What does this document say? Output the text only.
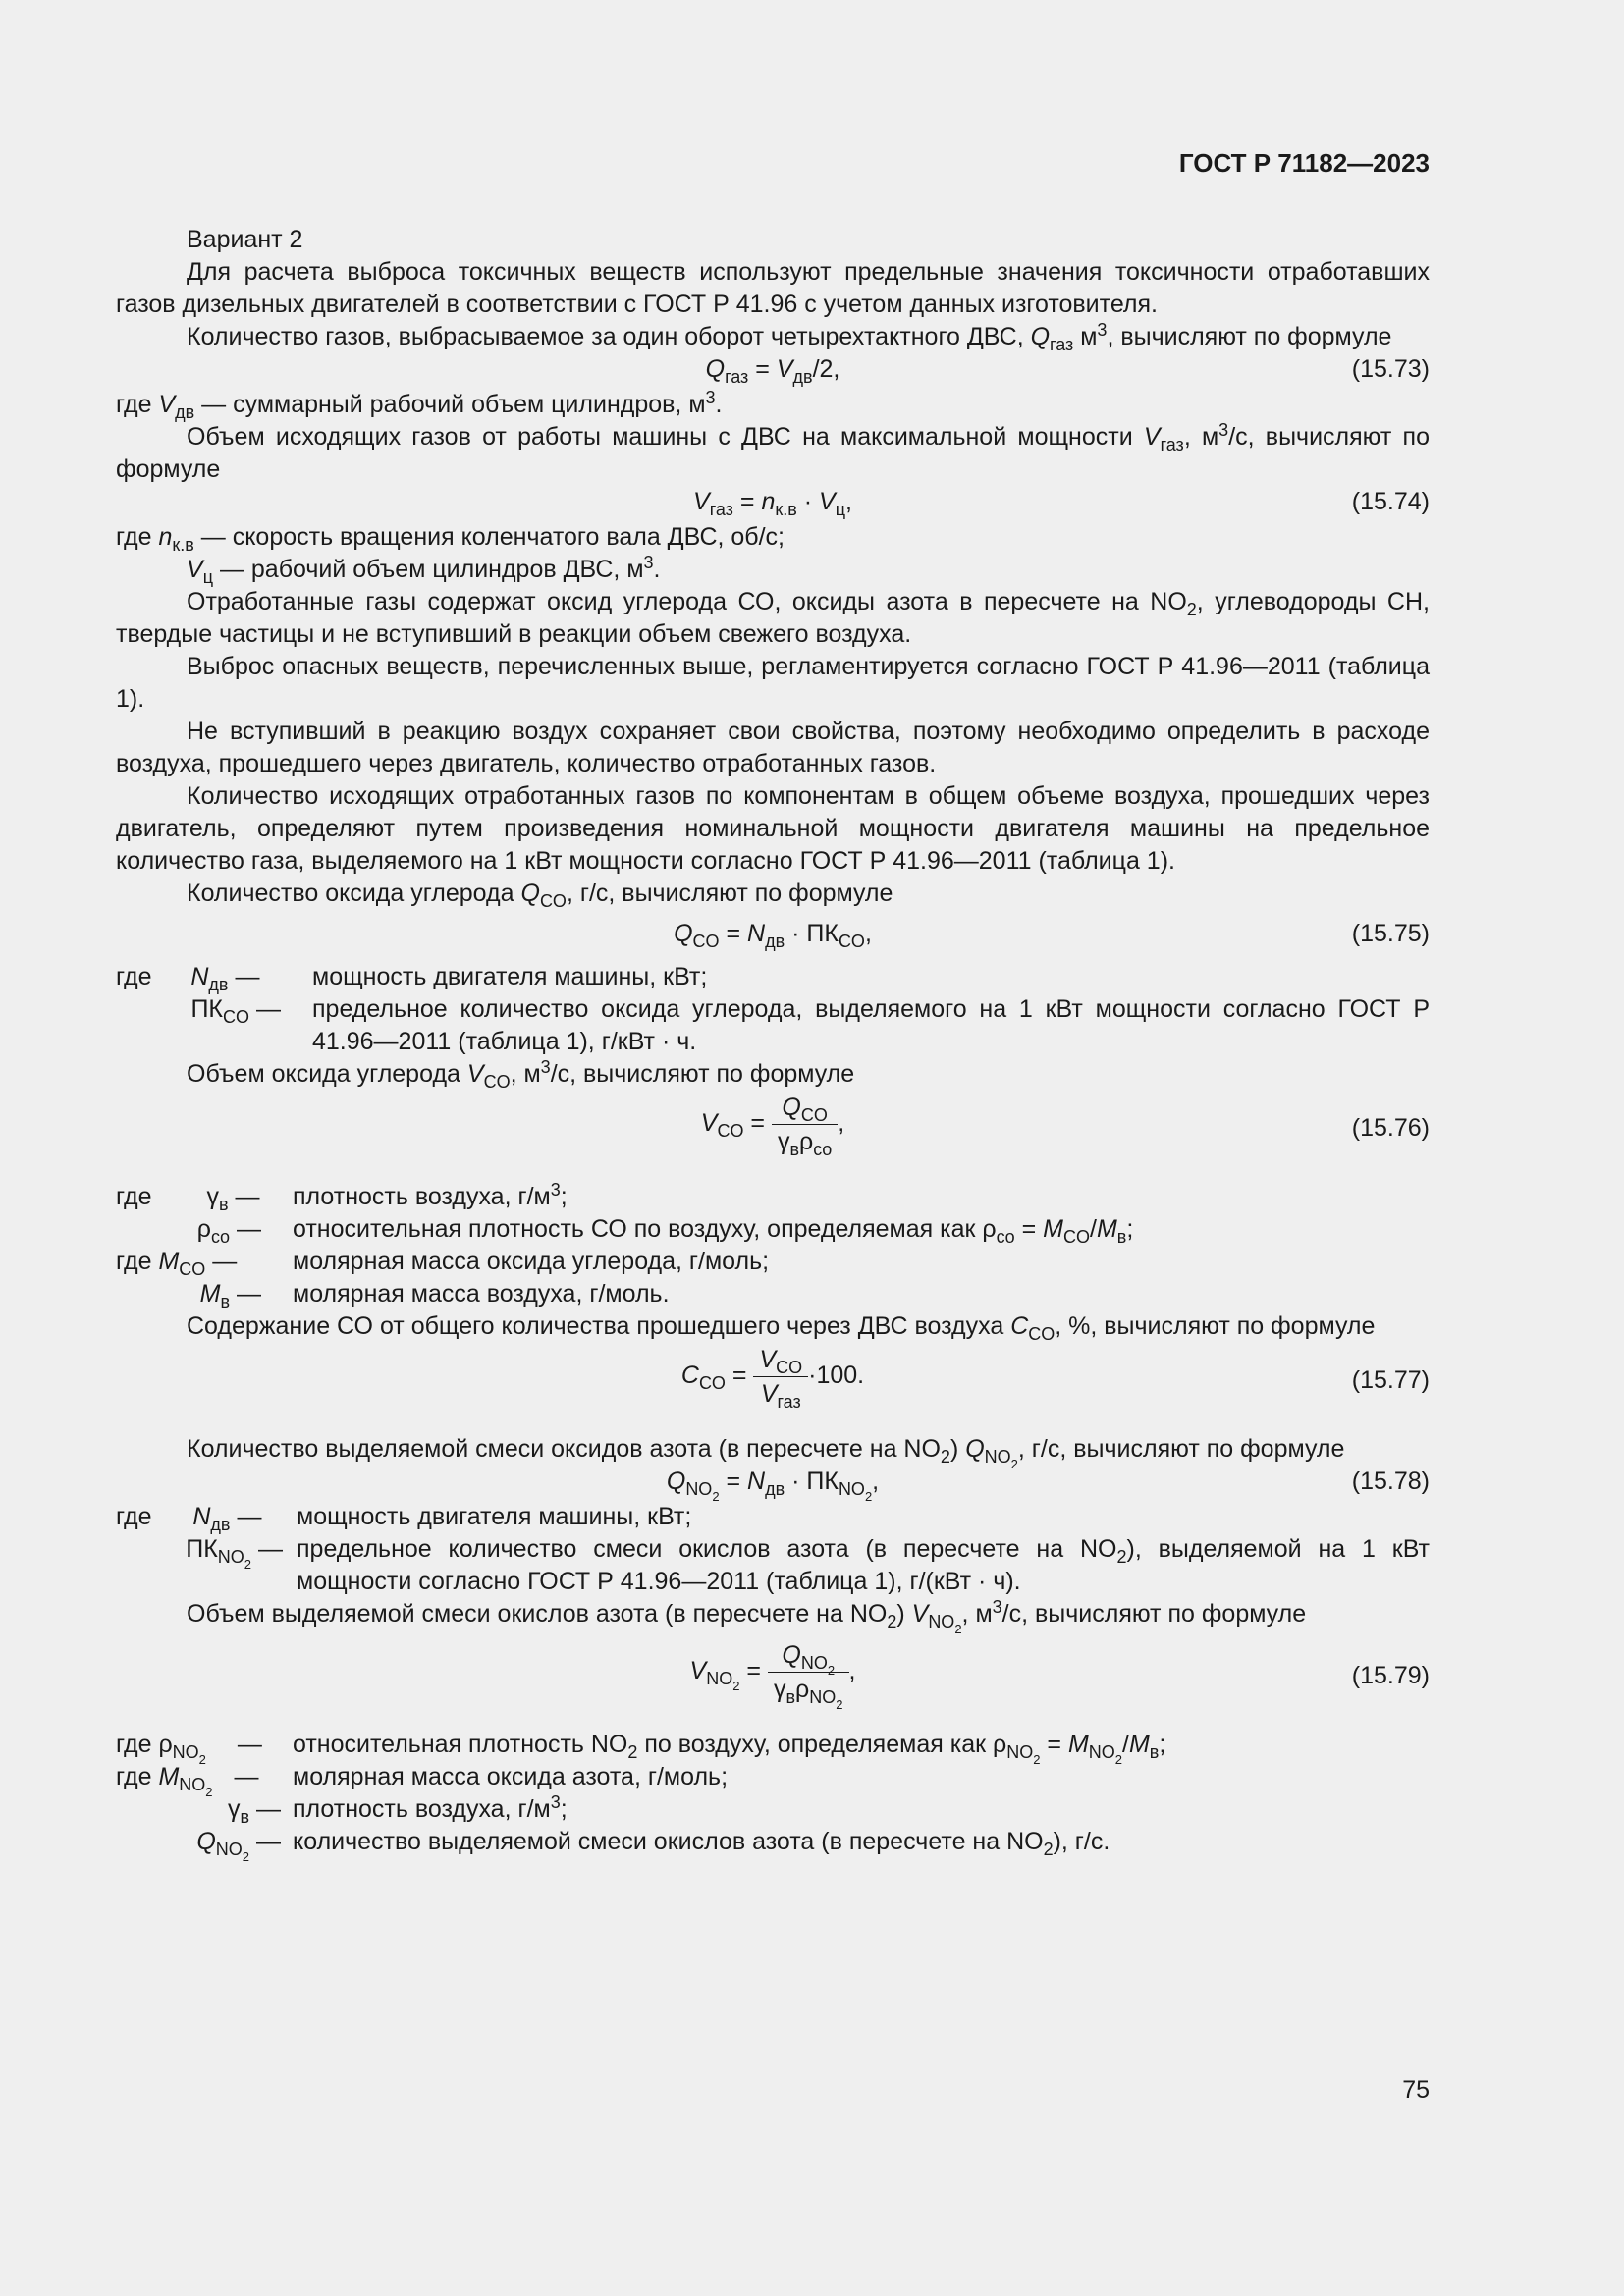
ГОСТ Р 71182—2023

Вариант 2

Для расчета выброса токсичных веществ используют предельные значения токсичности отработавших газов дизельных двигателей в соответствии с ГОСТ Р 41.96 с учетом данных изготовителя.

Количество газов, выбрасываемое за один оборот четырехтактного ДВС, $Q_{газ}$ $м^3$, вычисляют по формуле

$Q_{газ} = V_{дв}/2$,	(15.73)

где $V_{дв}$ — суммарный рабочий объем цилиндров, $м^3$.

Объем исходящих газов от работы машины с ДВС на максимальной мощности $V_{газ}$, $м^3/с$, вычисляют по формуле

$V_{газ} = n_{к.в} \cdot V_ц$,	(15.74)

где $n_{к.в}$ — скорость вращения коленчатого вала ДВС, об/с;

$V_ц$ — рабочий объем цилиндров ДВС, $м^3$.

Отработанные газы содержат оксид углерода СО, оксиды азота в пересчете на $NO_2$, углеводороды СН, твердые частицы и не вступивший в реакции объем свежего воздуха.

Выброс опасных веществ, перечисленных выше, регламентируется согласно ГОСТ Р 41.96—2011 (таблица 1).

Не вступивший в реакцию воздух сохраняет свои свойства, поэтому необходимо определить в расходе воздуха, прошедшего через двигатель, количество отработанных газов.

Количество исходящих отработанных газов по компонентам в общем объеме воздуха, прошедших через двигатель, определяют путем произведения номинальной мощности двигателя машины на предельное количество газа, выделяемого на 1 кВт мощности согласно ГОСТ Р 41.96—2011 (таблица 1).

Количество оксида углерода $Q_{CO}$, г/с, вычисляют по формуле

$Q_{CO} = N_{дв} \cdot ПК_{CO}$,	(15.75)
где $N_{дв}$ —	мощность двигателя машины, кВт;
$ПК_{CO}$ —	предельное количество оксида углерода, выделяемого на 1 кВт мощности согласно ГОСТ Р 41.96—2011 (таблица 1), г/кВт · ч.

Объем оксида углерода $V_{CO}$, $м^3/с$, вычисляют по формуле

$V_{CO} = \frac{Q_{CO}}{\gamma_в\rho_{co}}$ ,	(15.76)
где $\gamma_в$ —	плотность воздуха, $г/м^3$;
$\rho_{co}$ —	относительная плотность СО по воздуху, определяемая как $\rho_{co} = M_{CO}/M_в$;
где $M_{CO}$ —	молярная масса оксида углерода, г/моль;
$M_в$ —	молярная масса воздуха, г/моль.

Содержание СО от общего количества прошедшего через ДВС воздуха $C_{CO}$, %, вычисляют по формуле

$C_{CO} = \frac{V_{CO}}{V_{газ}} \cdot 100$.	(15.77)

Количество выделяемой смеси оксидов азота (в пересчете на $NO_2$) $Q_{NO_2}$, г/с, вычисляют по формуле

$Q_{NO_2} = N_{дв} \cdot ПК_{NO_2}$,	(15.78)
где $N_{дв}$ —	мощность двигателя машины, кВт;
$ПК_{NO_2}$ — предельное количество смеси окислов азота (в пересчете на $NO_2$), выделяемой на 1 кВт мощности согласно ГОСТ Р 41.96—2011 (таблица 1), г/(кВт · ч).

Объем выделяемой смеси окислов азота (в пересчете на $NO_2$) $V_{NO_2}$, $м^3/с$, вычисляют по формуле

$V_{NO_2} = \frac{Q_{NO_2}}{\gamma_в\rho_{NO_2}}$ ,	(15.79)
где $\rho_{NO_2}—$ относительная плотность $NO_2$ по воздуху, определяемая как $\rho_{NO_2} = M_{NO_2}/M_в$;
где $M_{NO_2}—$	молярная масса оксида азота, г/моль;
$\gamma_в$ — плотность воздуха, $г/м^3$;
$Q_{NO_2}$ — количество выделяемой смеси окислов азота (в пересчете на $NO_2$), г/с.
75
